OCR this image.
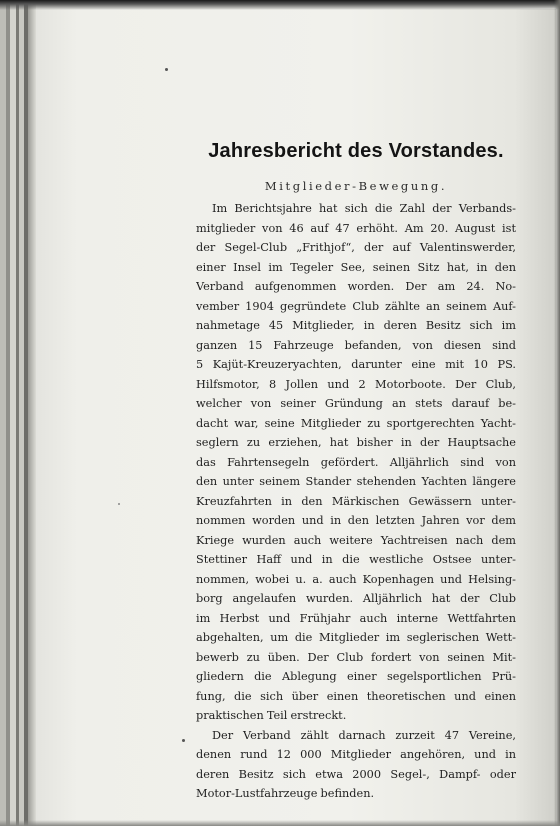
Jahresbericht des Vorstandes.
Mitglieder-Bewegung.
Im Berichtsjahre hat sich die Zahl der Verbands-
mitglieder von 46 auf 47 erhöht. Am 20. August ist
der Segel-Club „Frithjof“, der auf Valentinswerder,
einer Insel im Tegeler See, seinen Sitz hat, in den
Verband aufgenommen worden. Der am 24. No-
vember 1904 gegründete Club zählte an seinem Auf-
nahmetage 45 Mitglieder, in deren Besitz sich im
ganzen 15 Fahrzeuge befanden, von diesen sind
5 Kajüt-Kreuzeryachten, darunter eine mit 10 PS.
Hilfsmotor, 8 Jollen und 2 Motorboote. Der Club,
welcher von seiner Gründung an stets darauf be-
dacht war, seine Mitglieder zu sportgerechten Yacht-
seglern zu erziehen, hat bisher in der Hauptsache
das Fahrtensegeln gefördert. Alljährlich sind von
den unter seinem Stander stehenden Yachten längere
Kreuzfahrten in den Märkischen Gewässern unter-
nommen worden und in den letzten Jahren vor dem
Kriege wurden auch weitere Yachtreisen nach dem
Stettiner Haff und in die westliche Ostsee unter-
nommen, wobei u. a. auch Kopenhagen und Helsing-
borg angelaufen wurden. Alljährlich hat der Club
im Herbst und Frühjahr auch interne Wettfahrten
abgehalten, um die Mitglieder im seglerischen Wett-
bewerb zu üben. Der Club fordert von seinen Mit-
gliedern die Ablegung einer segelsportlichen Prü-
fung, die sich über einen theoretischen und einen
praktischen Teil erstreckt.
Der Verband zählt darnach zurzeit 47 Vereine,
denen rund 12 000 Mitglieder angehören, und in
deren Besitz sich etwa 2000 Segel-, Dampf- oder
Motor-Lustfahrzeuge befinden.
